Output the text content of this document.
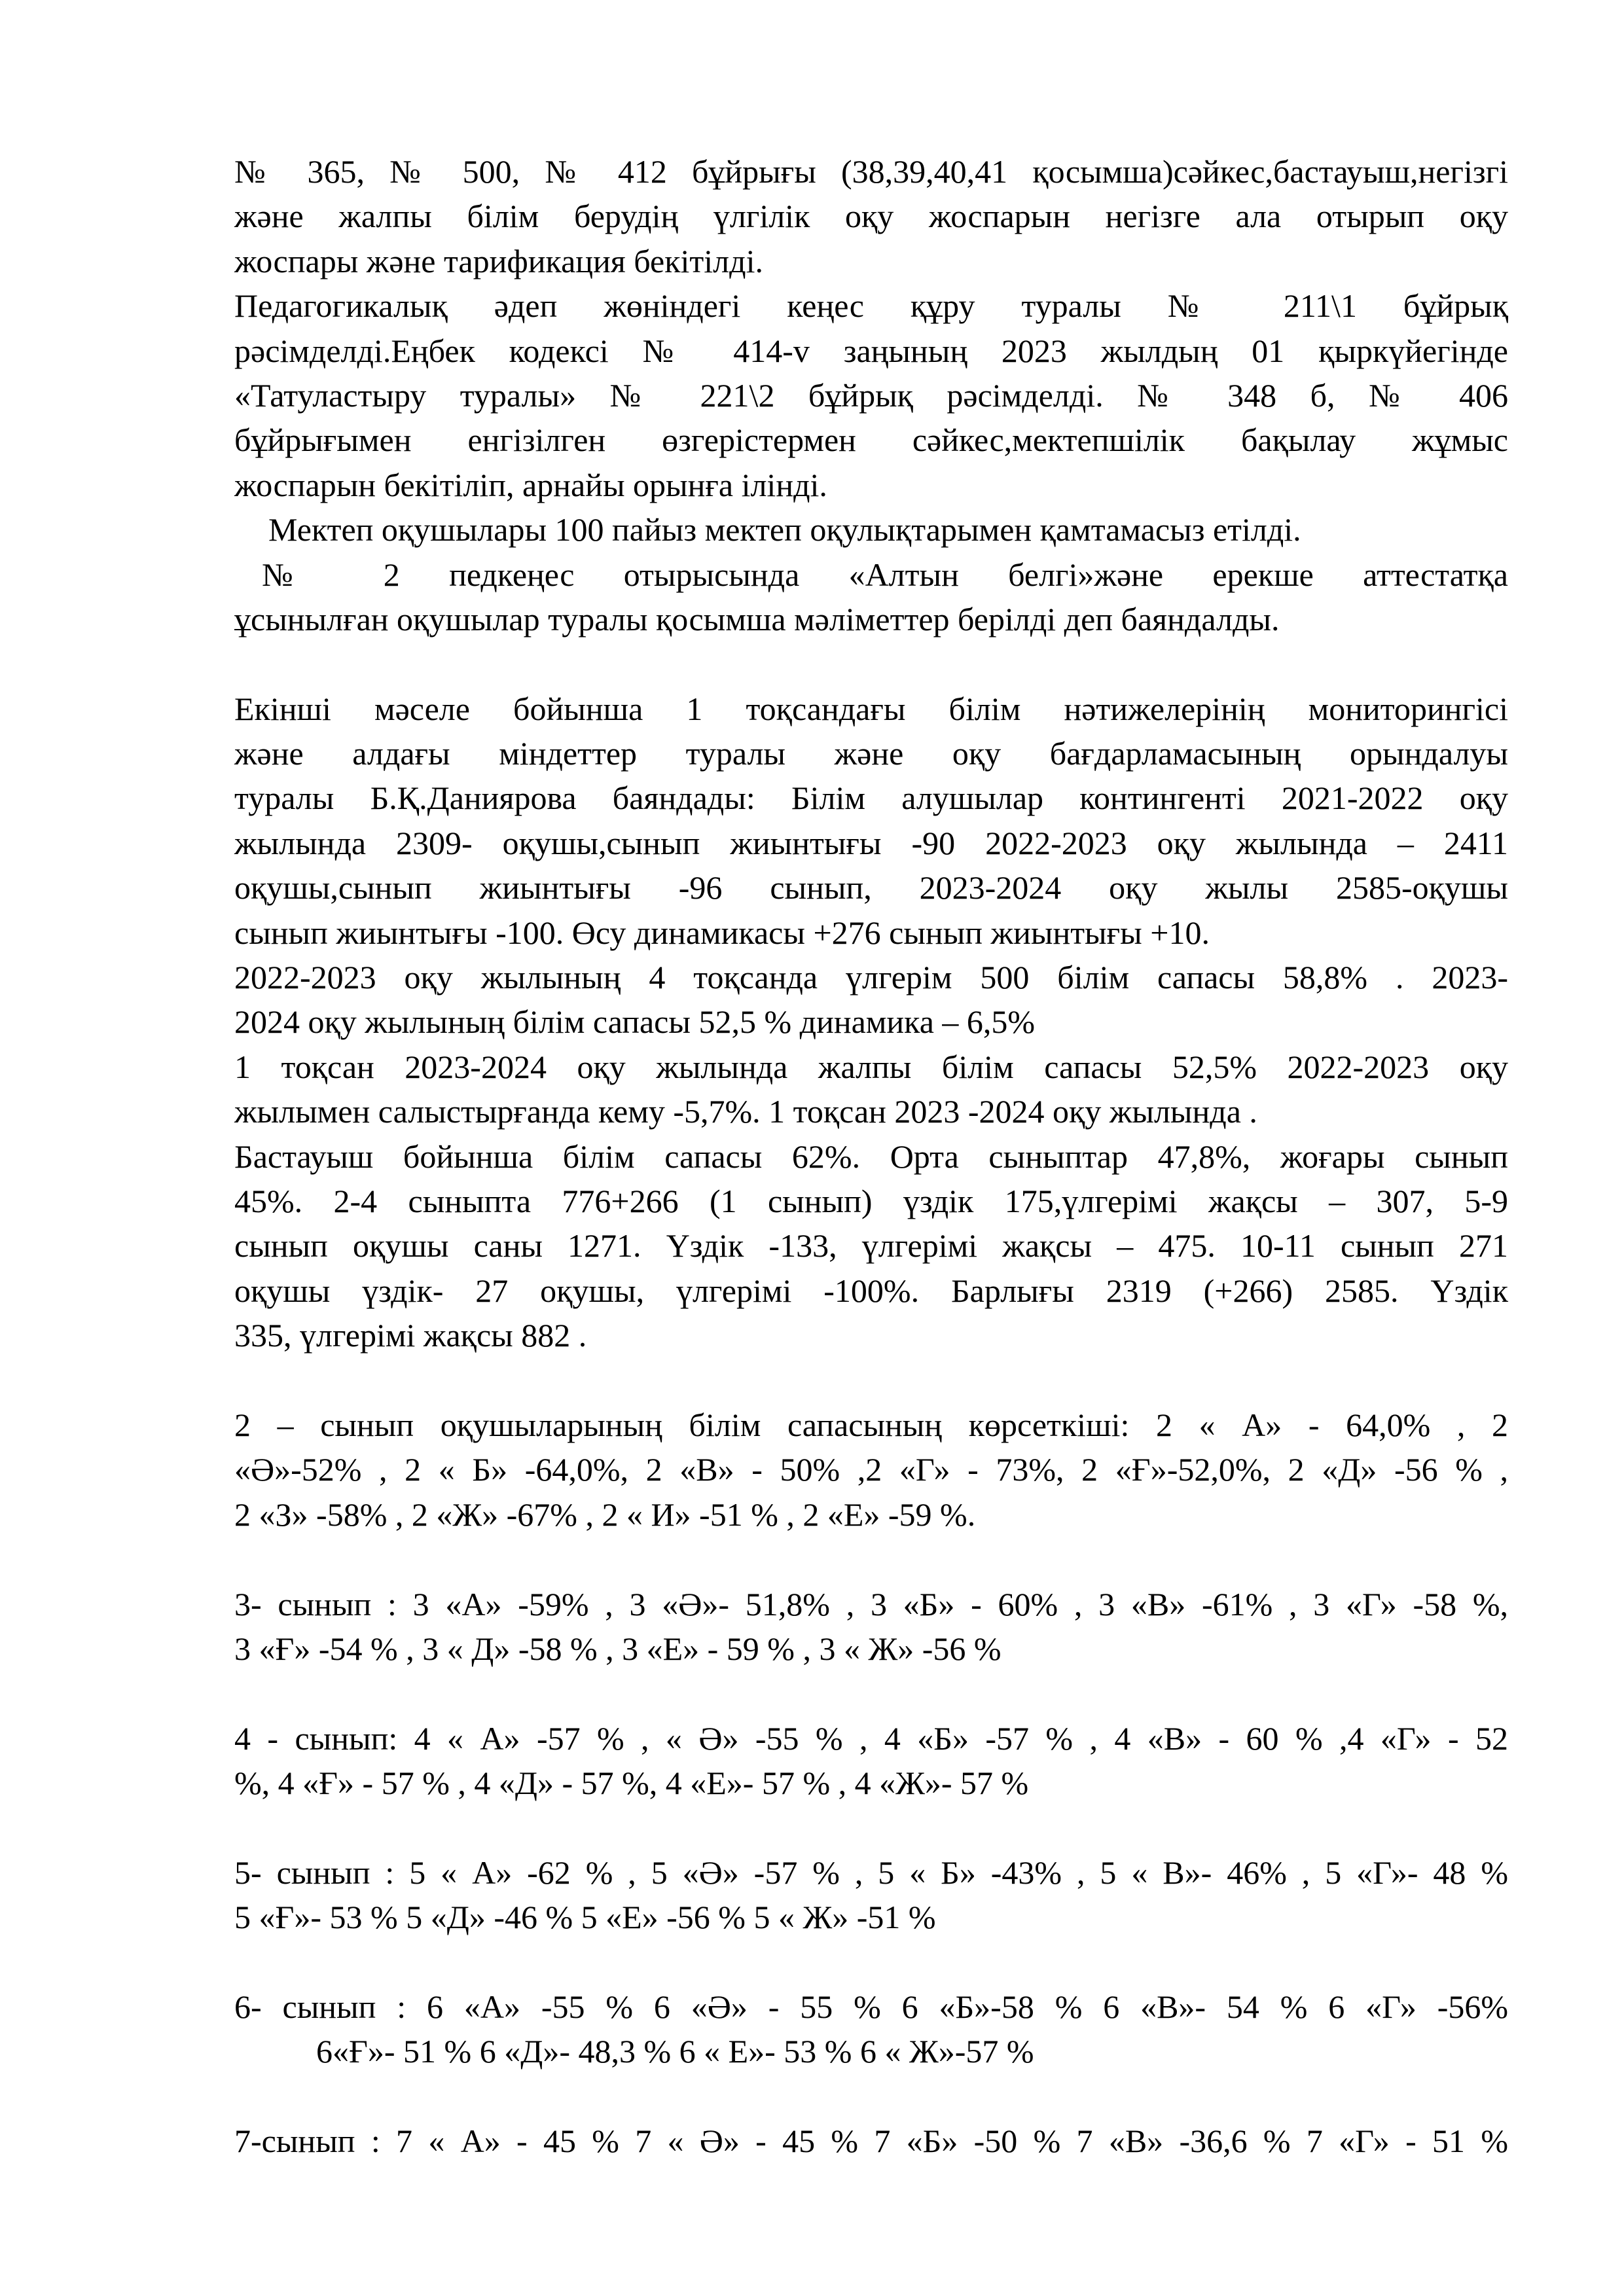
№ 365, № 500, № 412 бұйрығы (38,39,40,41 қосымша)сәйкес,бастауыш,негізгі
және жалпы білім берудің үлгілік оқу жоспарын негізге ала отырып оқу
жоспары және тарификация бекітілді.
Педагогикалық әдеп жөніндегі кеңес құру туралы № 211\1 бұйрық
рәсімделді.Еңбек кодексі № 414-v заңының 2023 жылдың 01 қыркүйегінде
«Татуластыру туралы» № 221\2 бұйрық рәсімделді. № 348 б, № 406
бұйрығымен енгізілген өзгерістермен сәйкес,мектепшілік бақылау жұмыс
жоспарын бекітіліп, арнайы орынға ілінді.
Мектеп оқушылары 100 пайыз мектеп оқулықтарымен қамтамасыз етілді.
№ 2 педкеңес отырысында «Алтын белгі»және ерекше аттестатқа
ұсынылған оқушылар туралы қосымша мәліметтер берілді деп баяндалды.
Екінші мәселе бойынша 1 тоқсандағы білім нәтижелерінің мониторингісі
және алдағы міндеттер туралы және оқу бағдарламасының орындалуы
туралы Б.Қ.Даниярова баяндады: Білім алушылар контингенті 2021-2022 оқу
жылында 2309- оқушы,сынып жиынтығы -90 2022-2023 оқу жылында – 2411
оқушы,сынып жиынтығы -96 сынып, 2023-2024 оқу жылы 2585-оқушы
сынып жиынтығы -100. Өсу динамикасы +276 сынып жиынтығы +10.
2022-2023 оқу жылының 4 тоқсанда үлгерім 500 білім сапасы 58,8% . 2023-
2024 оқу жылының білім сапасы 52,5 % динамика – 6,5%
1 тоқсан 2023-2024 оқу жылында жалпы білім сапасы 52,5% 2022-2023 оқу
жылымен салыстырғанда кему -5,7%. 1 тоқсан 2023 -2024 оқу жылында .
Бастауыш бойынша білім сапасы 62%. Орта сыныптар 47,8%, жоғары сынып
45%. 2-4 сыныпта 776+266 (1 сынып) үздік 175,үлгерімі жақсы – 307, 5-9
сынып оқушы саны 1271. Үздік -133, үлгерімі жақсы – 475. 10-11 сынып 271
оқушы үздік- 27 оқушы, үлгерімі -100%. Барлығы 2319 (+266) 2585. Үздік
335, үлгерімі жақсы 882 .
2 – сынып оқушыларының білім сапасының көрсеткіші: 2 « А» - 64,0% , 2
«Ә»-52% , 2 « Б» -64,0%, 2 «В» - 50% ,2 «Г» - 73%, 2 «Ғ»-52,0%, 2 «Д» -56 % ,
2 «З» -58% , 2 «Ж» -67% , 2 « И» -51 % , 2 «Е» -59 %.
3- сынып : 3 «А» -59% , 3 «Ә»- 51,8% , 3 «Б» - 60% , 3 «В» -61% , 3 «Г» -58 %,
3 «Ғ» -54 % , 3 « Д» -58 % , 3 «Е» - 59 % , 3 « Ж» -56 %
4 - сынып: 4 « А» -57 % , « Ә» -55 % , 4 «Б» -57 % , 4 «В» - 60 % ,4 «Г» - 52
%, 4 «Ғ» - 57 % , 4 «Д» - 57 %, 4 «Е»- 57 % , 4 «Ж»- 57 %
5- сынып : 5 « А» -62 % , 5 «Ә» -57 % , 5 « Б» -43% , 5 « В»- 46% , 5 «Г»- 48 %
5 «Ғ»- 53 % 5 «Д» -46 % 5 «Е» -56 % 5 « Ж» -51 %
6- сынып : 6 «А» -55 % 6 «Ә» - 55 % 6 «Б»-58 % 6 «В»- 54 % 6 «Г» -56%
6«Ғ»- 51 % 6 «Д»- 48,3 % 6 « Е»- 53 % 6 « Ж»-57 %
7-сынып : 7 « А» - 45 % 7 « Ә» - 45 % 7 «Б» -50 % 7 «В» -36,6 % 7 «Г» - 51 %
